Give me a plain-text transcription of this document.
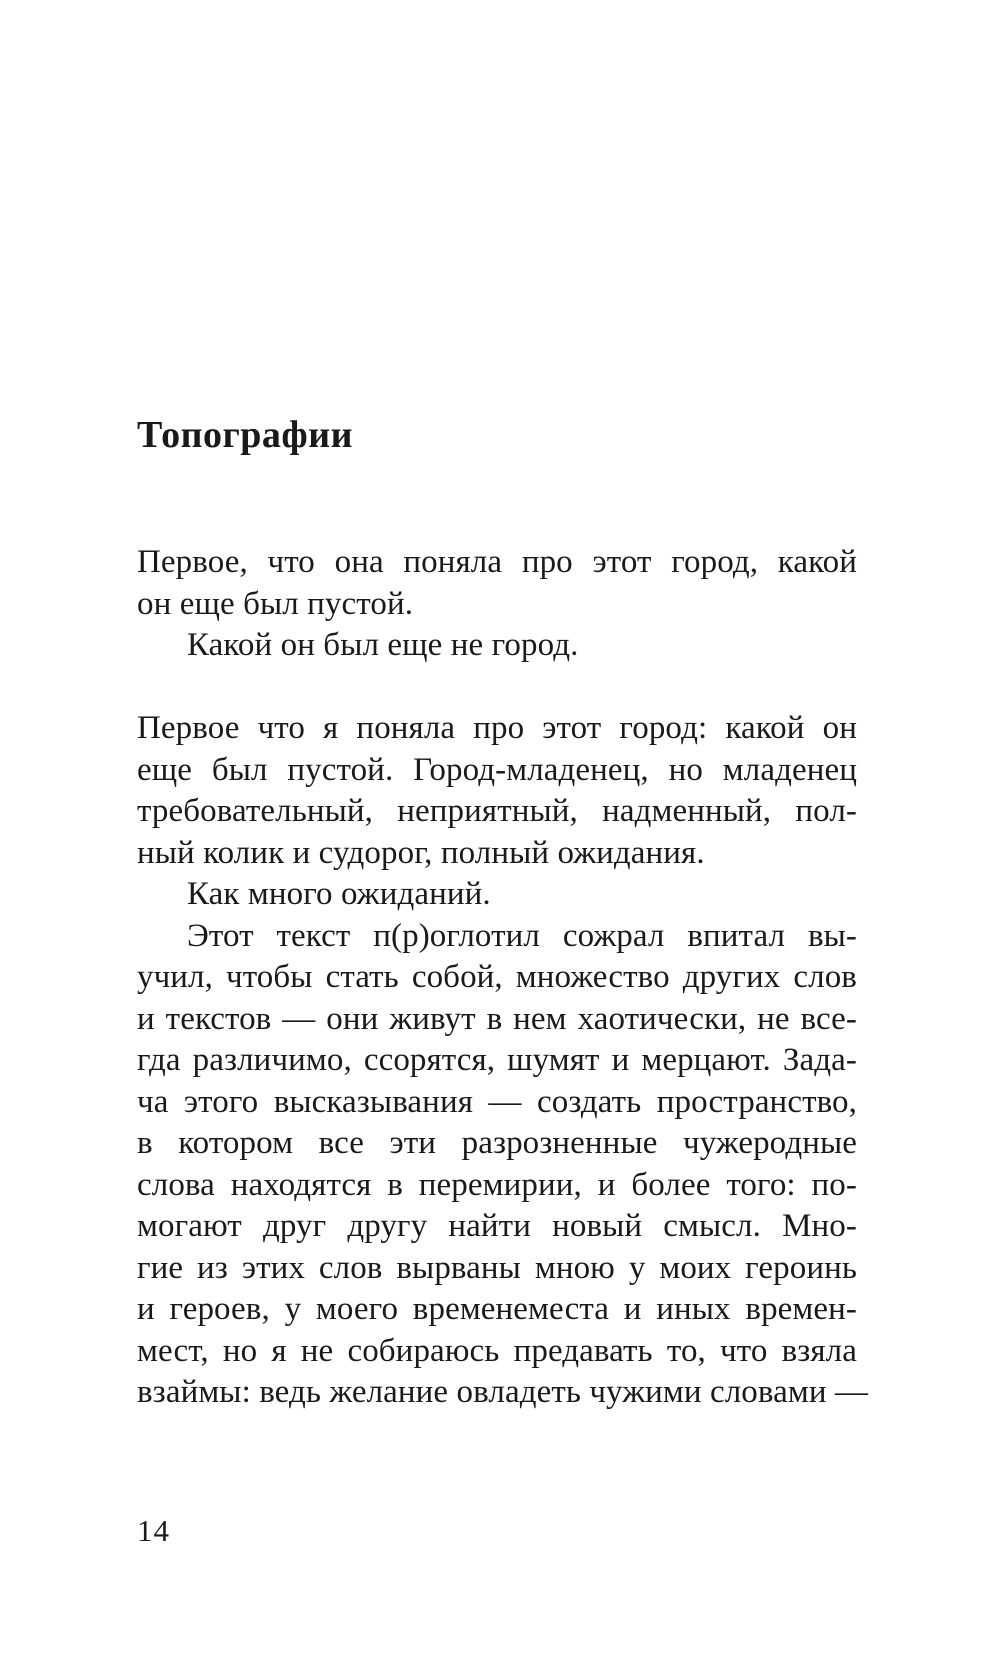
Топографии
Первое, что она поняла про этот город, какой
он еще был пустой.
Какой он был еще не город.
Первое что я поняла про этот город: какой он
еще был пустой. Город-младенец, но младенец
требовательный, неприятный, надменный, пол-
ный колик и судорог, полный ожидания.
Как много ожиданий.
Этот текст п(р)оглотил сожрал впитал вы-
учил, чтобы стать собой, множество других слов
и текстов — они живут в нем хаотически, не все-
гда различимо, ссорятся, шумят и мерцают. Зада-
ча этого высказывания — создать пространство,
в котором все эти разрозненные чужеродные
слова находятся в перемирии, и более того: по-
могают друг другу найти новый смысл. Мно-
гие из этих слов вырваны мною у моих героинь
и героев, у моего временеместа и иных времен-
мест, но я не собираюсь предавать то, что взяла
взаймы: ведь желание овладеть чужими словами —
14
